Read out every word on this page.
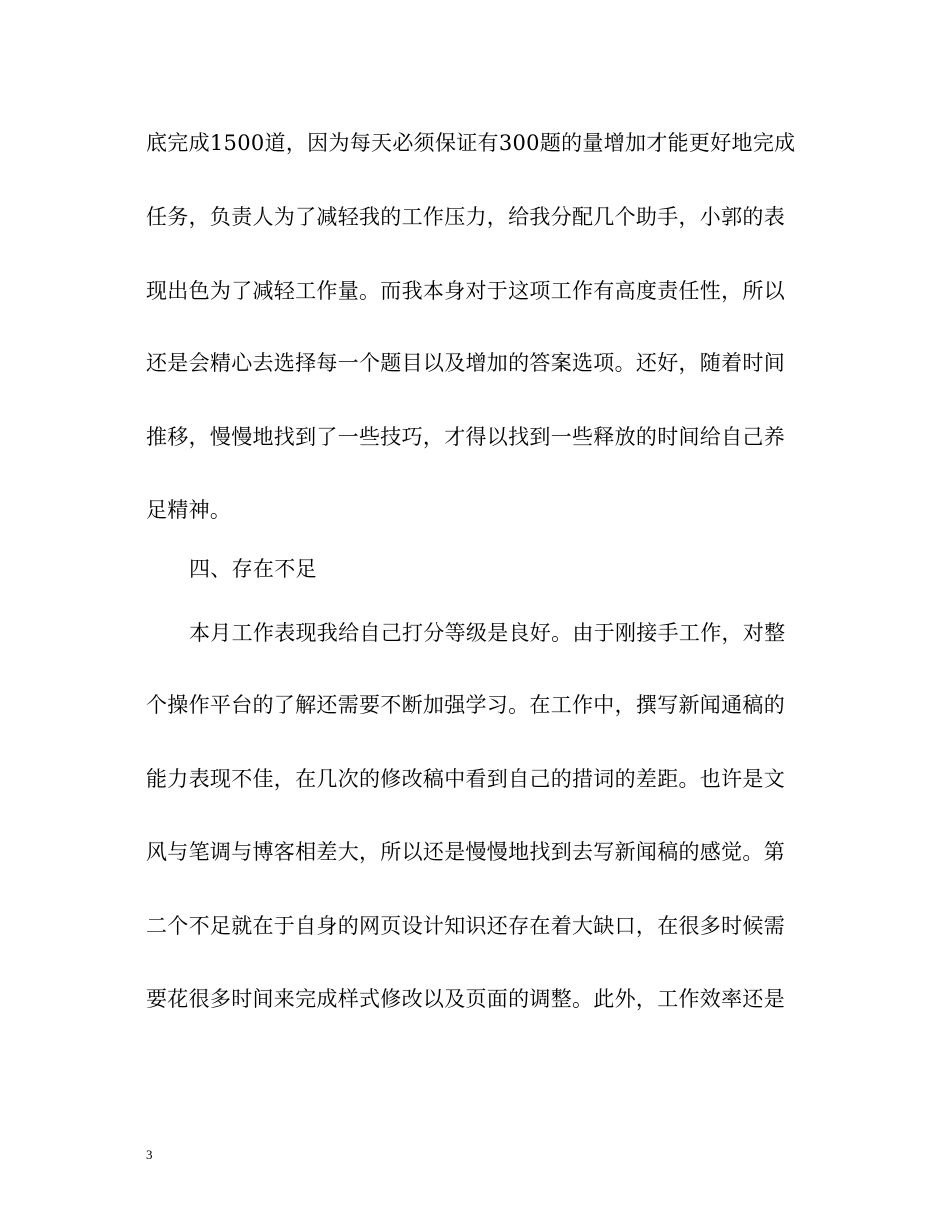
底完成1500道，因为每天必须保证有300题的量增加才能更好地完成
任务，负责人为了减轻我的工作压力，给我分配几个助手，小郭的表
现出色为了减轻工作量。而我本身对于这项工作有高度责任性，所以
还是会精心去选择每一个题目以及增加的答案选项。还好，随着时间
推移，慢慢地找到了一些技巧，才得以找到一些释放的时间给自己养
足精神。
四、存在不足
本月工作表现我给自己打分等级是良好。由于刚接手工作，对整
个操作平台的了解还需要不断加强学习。在工作中，撰写新闻通稿的
能力表现不佳，在几次的修改稿中看到自己的措词的差距。也许是文
风与笔调与博客相差大，所以还是慢慢地找到去写新闻稿的感觉。第
二个不足就在于自身的网页设计知识还存在着大缺口，在很多时候需
要花很多时间来完成样式修改以及页面的调整。此外，工作效率还是
3
